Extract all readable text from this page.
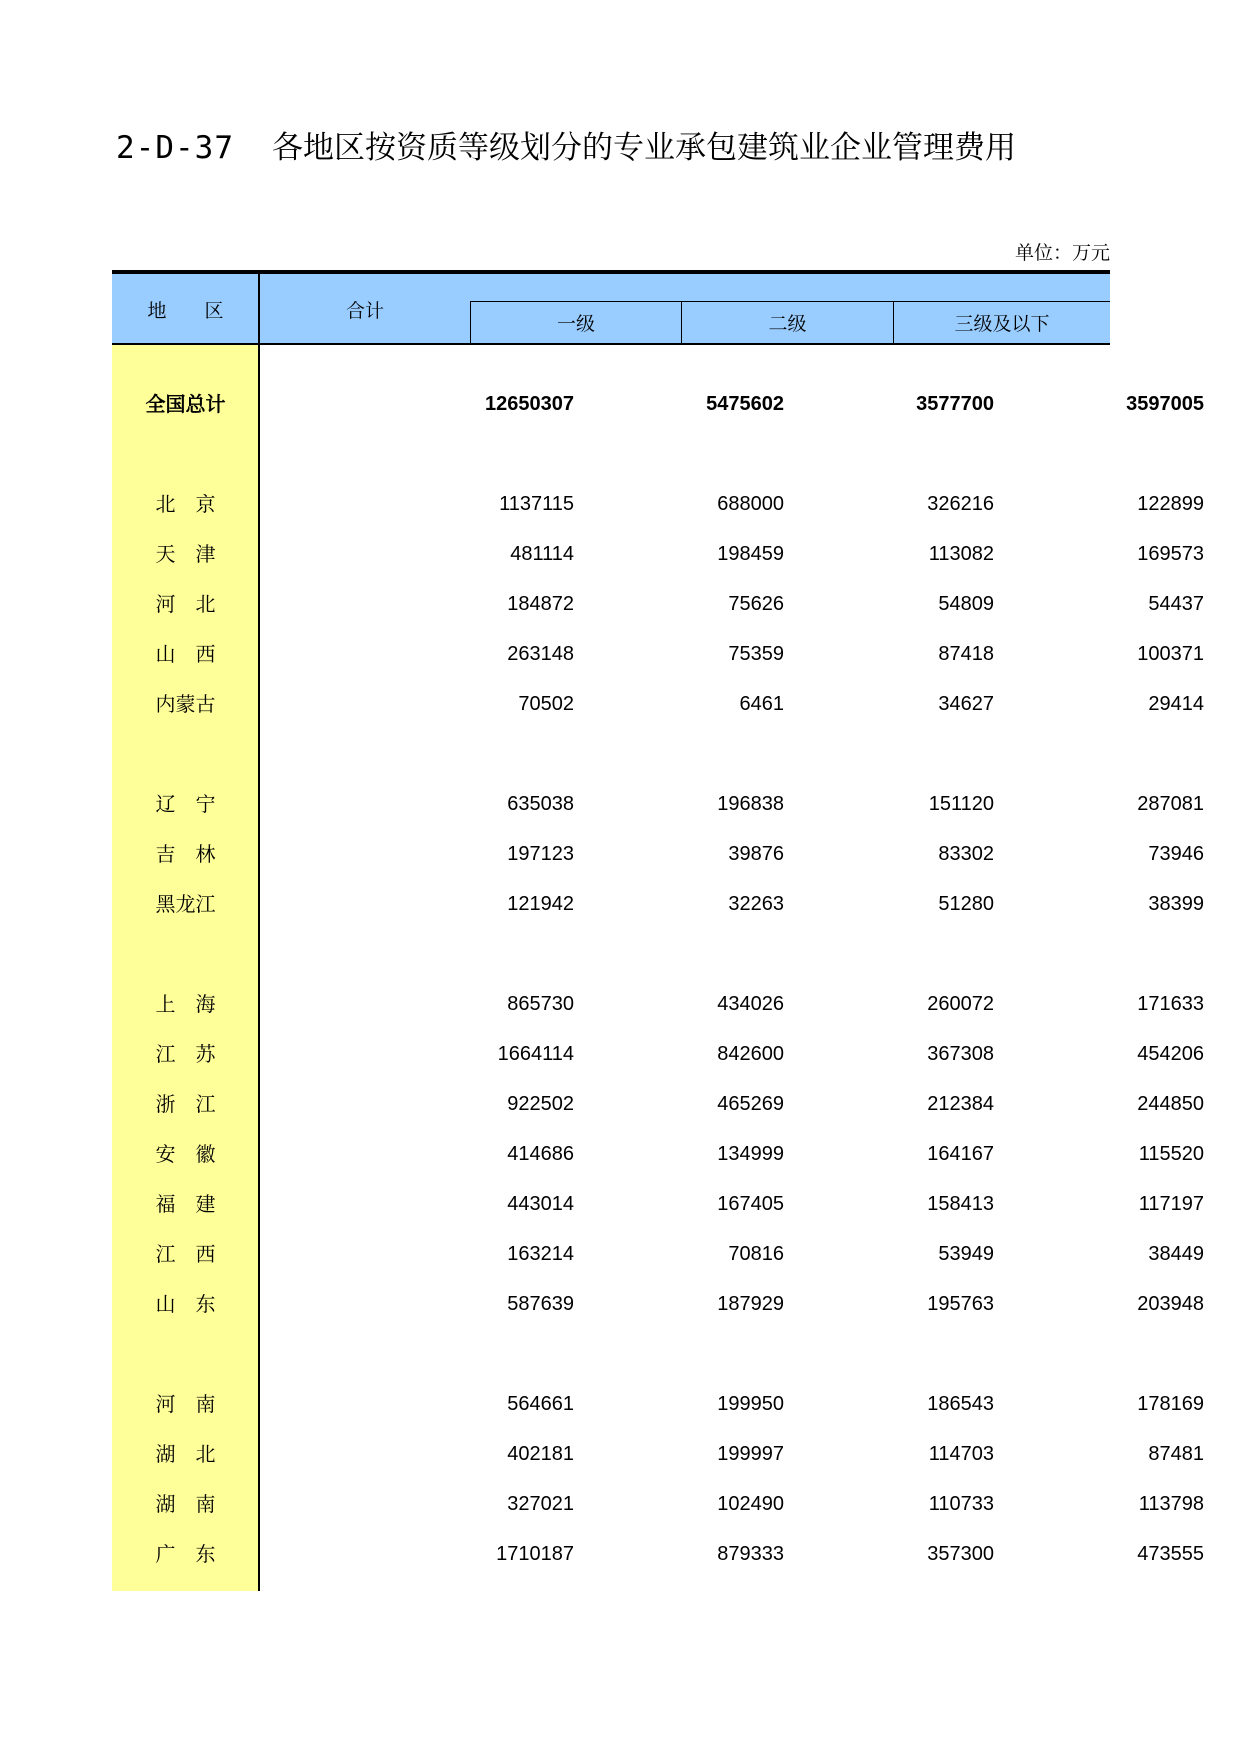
2-D-37 各地区按资质等级划分的专业承包建筑业企业管理费用
单位：万元
地　　区	合计
一级	二级	三级及以下
全国总计	12650307	5475602	3577700	3597005
北　京	1137115	688000	326216	122899
天　津	481114	198459	113082	169573
河　北	184872	75626	54809	54437
山　西	263148	75359	87418	100371
内蒙古	70502	6461	34627	29414
辽　宁	635038	196838	151120	287081
吉　林	197123	39876	83302	73946
黑龙江	121942	32263	51280	38399
上　海	865730	434026	260072	171633
江　苏	1664114	842600	367308	454206
浙　江	922502	465269	212384	244850
安　徽	414686	134999	164167	115520
福　建	443014	167405	158413	117197
江　西	163214	70816	53949	38449
山　东	587639	187929	195763	203948
河　南	564661	199950	186543	178169
湖　北	402181	199997	114703	87481
湖　南	327021	102490	110733	113798
广　东	1710187	879333	357300	473555
